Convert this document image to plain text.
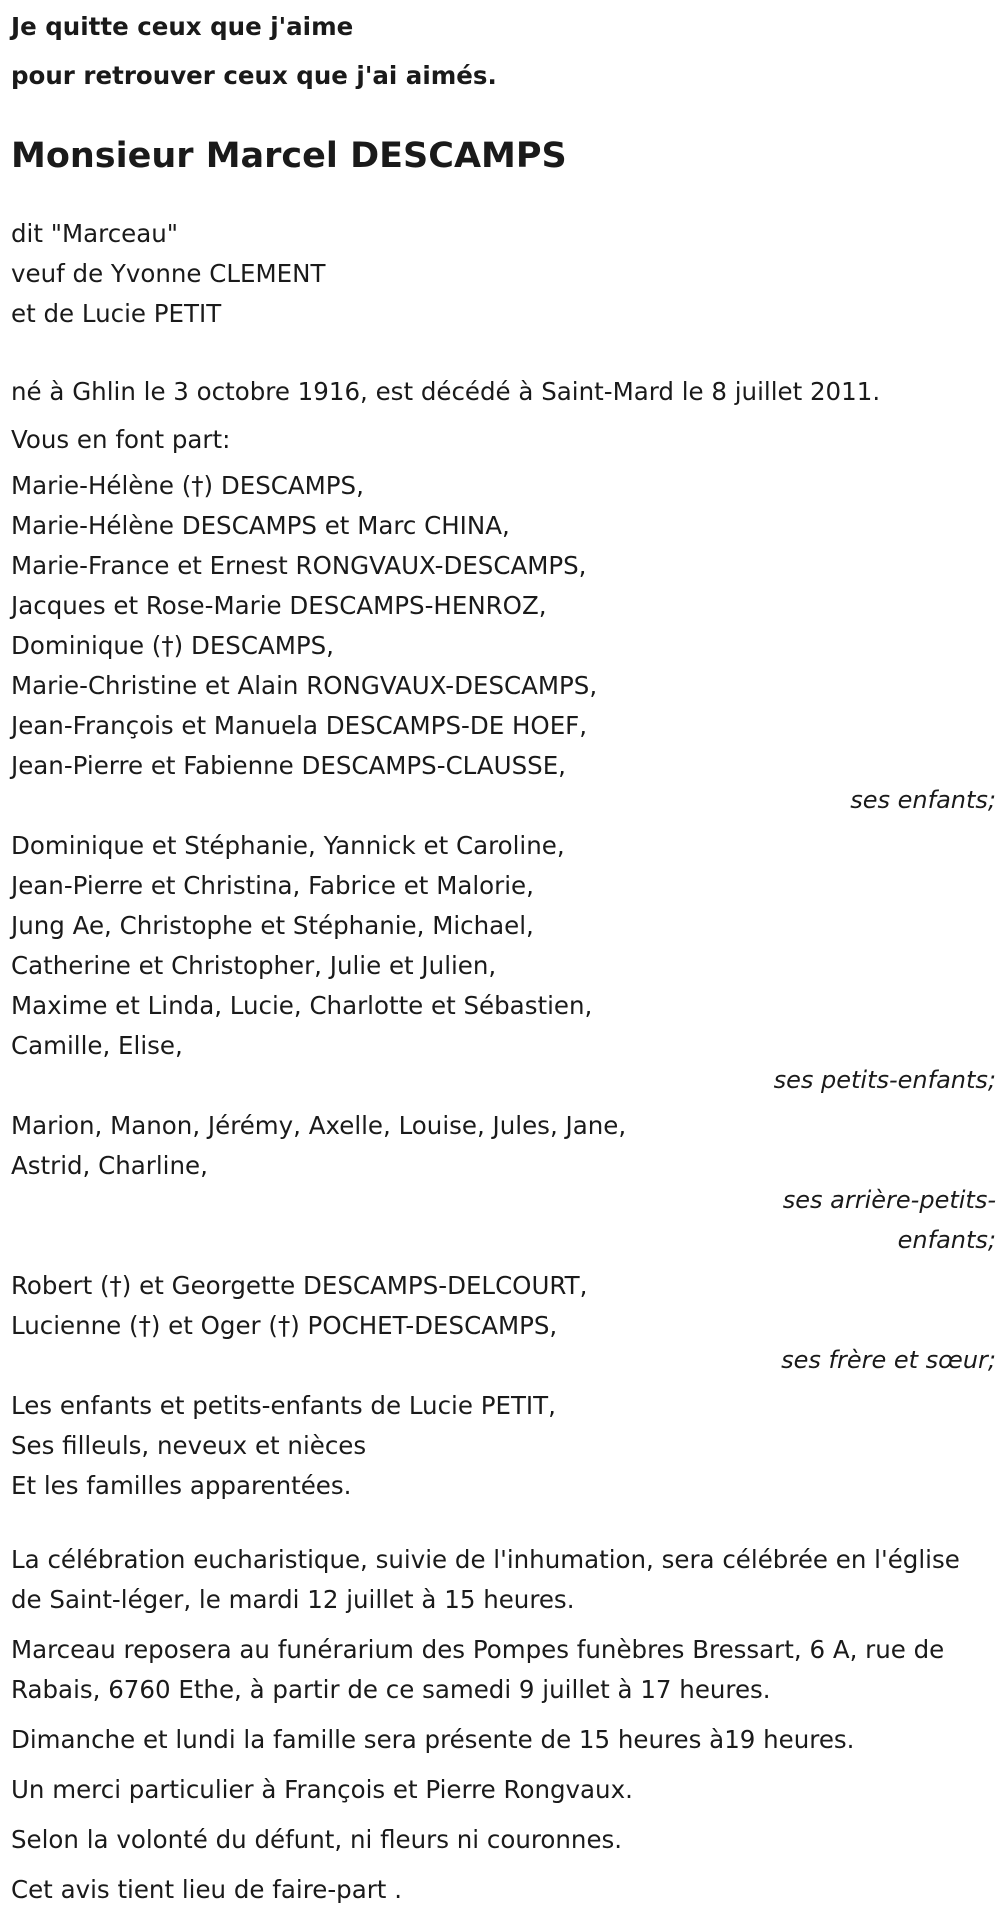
Je quitte ceux que j'aime
pour retrouver ceux que j'ai aimés.
Monsieur Marcel DESCAMPS
dit "Marceau"
veuf de Yvonne CLEMENT
et de Lucie PETIT
né à Ghlin le 3 octobre 1916, est décédé à Saint-Mard le 8 juillet 2011.
Vous en font part:
Marie-Hélène (†) DESCAMPS,
Marie-Hélène DESCAMPS et Marc CHINA,
Marie-France et Ernest RONGVAUX-DESCAMPS,
Jacques et Rose-Marie DESCAMPS-HENROZ,
Dominique (†) DESCAMPS,
Marie-Christine et Alain RONGVAUX-DESCAMPS,
Jean-François et Manuela DESCAMPS-DE HOEF,
Jean-Pierre et Fabienne DESCAMPS-CLAUSSE,
ses enfants;
Dominique et Stéphanie, Yannick et Caroline,
Jean-Pierre et Christina, Fabrice et Malorie,
Jung Ae, Christophe et Stéphanie, Michael,
Catherine et Christopher, Julie et Julien,
Maxime et Linda, Lucie, Charlotte et Sébastien,
Camille, Elise,
ses petits-enfants;
Marion, Manon, Jérémy, Axelle, Louise, Jules, Jane,
Astrid, Charline,
ses arrière-petits-
enfants;
Robert (†) et Georgette DESCAMPS-DELCOURT,
Lucienne (†) et Oger (†) POCHET-DESCAMPS,
ses frère et sœur;
Les enfants et petits-enfants de Lucie PETIT,
Ses filleuls, neveux et nièces
Et les familles apparentées.

La célébration eucharistique, suivie de l'inhumation, sera célébrée en l'église de Saint-léger, le mardi 12 juillet à 15 heures.

Marceau reposera au funérarium des Pompes funèbres Bressart, 6 A, rue de Rabais, 6760 Ethe, à partir de ce samedi 9 juillet à 17 heures.

Dimanche et lundi la famille sera présente de 15 heures à19 heures.

Un merci particulier à François et Pierre Rongvaux.

Selon la volonté du défunt, ni fleurs ni couronnes.

Cet avis tient lieu de faire-part .
